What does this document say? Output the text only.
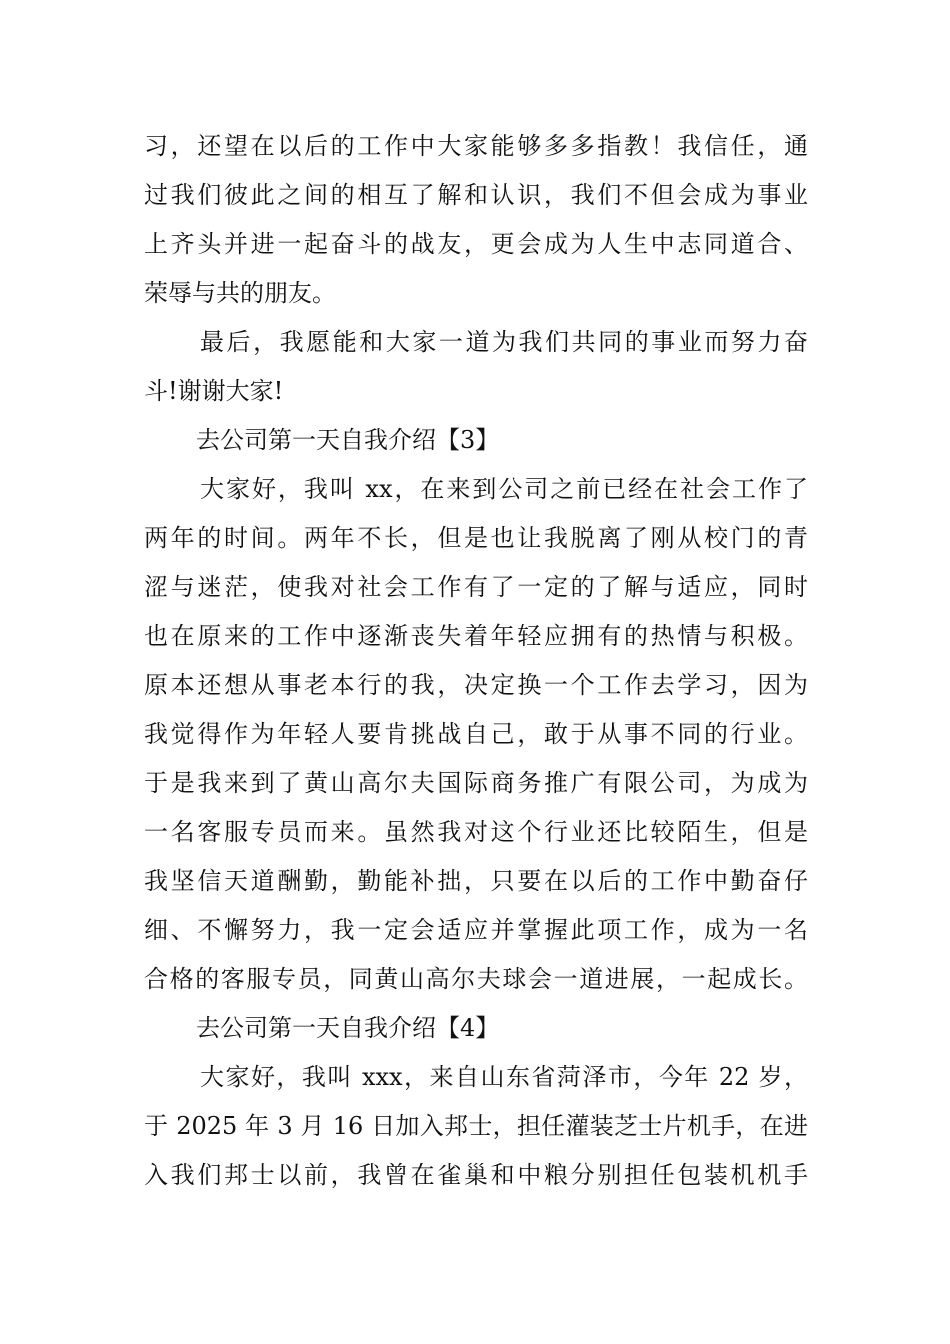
习，还望在以后的工作中大家能够多多指教！我信任，通
过我们彼此之间的相互了解和认识，我们不但会成为事业
上齐头并进一起奋斗的战友，更会成为人生中志同道合、
荣辱与共的朋友。
最后，我愿能和大家一道为我们共同的事业而努力奋
斗!谢谢大家!
去公司第一天自我介绍【3】
大家好，我叫 xx，在来到公司之前已经在社会工作了
两年的时间。两年不长，但是也让我脱离了刚从校门的青
涩与迷茫，使我对社会工作有了一定的了解与适应，同时
也在原来的工作中逐渐丧失着年轻应拥有的热情与积极。
原本还想从事老本行的我，决定换一个工作去学习，因为
我觉得作为年轻人要肯挑战自己，敢于从事不同的行业。
于是我来到了黄山高尔夫国际商务推广有限公司，为成为
一名客服专员而来。虽然我对这个行业还比较陌生，但是
我坚信天道酬勤，勤能补拙，只要在以后的工作中勤奋仔
细、不懈努力，我一定会适应并掌握此项工作，成为一名
合格的客服专员，同黄山高尔夫球会一道进展，一起成长。
去公司第一天自我介绍【4】
大家好，我叫 xxx，来自山东省菏泽市，今年 22 岁，
于 2025 年 3 月 16 日加入邦士，担任灌装芝士片机手，在进
入我们邦士以前，我曾在雀巢和中粮分别担任包装机机手
